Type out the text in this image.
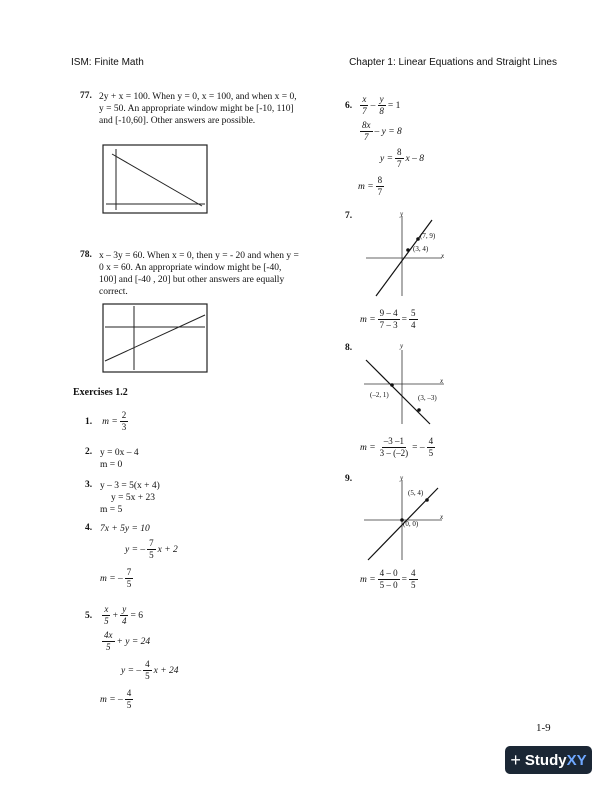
ISM: Finite Math	Chapter 1: Linear Equations and Straight Lines
77. 2y + x = 100. When y = 0, x = 100, and when x = 0, y = 50. An appropriate window might be [-10, 110] and [-10,60]. Other answers are possible.
78. x – 3y = 60. When x = 0, then y = - 20 and when y = 0 x = 60. An appropriate window might be [-40, 100] and [-40 , 20] but other answers are equally correct.
Exercises 1.2
1. $m = \frac{2}{3}$
2. y = 0x – 4
m = 0
3. y – 3 = 5(x + 4)
y = 5x + 23
m = 5
4. 7x + 5y = 10
y = – $\frac{7}{5}$ x + 2
m = – $\frac{7}{5}$
5. $\frac{x}{5} + \frac{y}{4} = 6$
$\frac{4x}{5} + y = 24$
y = – $\frac{4}{5}$ x + 24
m = – $\frac{4}{5}$
6. $\frac{x}{7} - \frac{y}{8} = 1$
$\frac{8x}{7} - y = 8$
$y = \frac{8}{7}$ x – 8
$m = \frac{8}{7}$
7.	y
x
(7, 9)
(3, 4)
$m = \frac{9 - 4}{7 - 3} = \frac{5}{4}$
8.	y
x
(–2, 1)	(3, –3)
$m = \frac{-3 -1}{3 - (-2)}$ = – $\frac{4}{5}$
9.	y
x
(5, 4)
(0, 0)
$m = \frac{4 - 0}{5 - 0} = \frac{4}{5}$
1-9
+ Study XY
